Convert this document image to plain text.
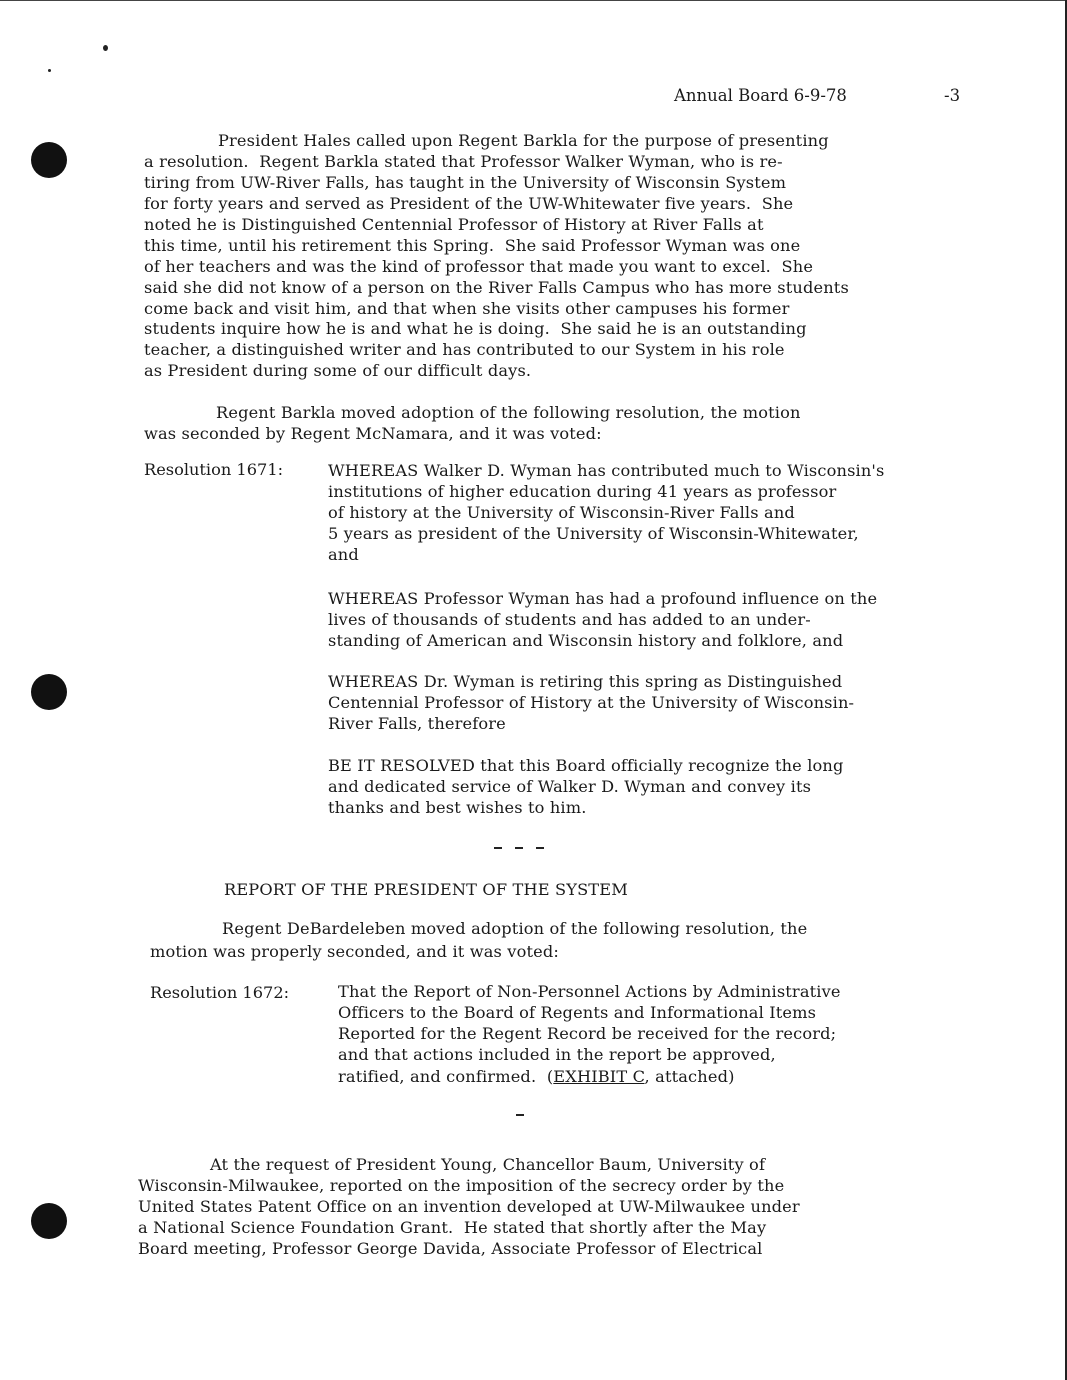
Annual Board 6-9-78	-3
President Hales called upon Regent Barkla for the purpose of presenting
a resolution.  Regent Barkla stated that Professor Walker Wyman, who is re-
tiring from UW-River Falls, has taught in the University of Wisconsin System
for forty years and served as President of the UW-Whitewater five years.  She
noted he is Distinguished Centennial Professor of History at River Falls at
this time, until his retirement this Spring.  She said Professor Wyman was one
of her teachers and was the kind of professor that made you want to excel.  She
said she did not know of a person on the River Falls Campus who has more students
come back and visit him, and that when she visits other campuses his former
students inquire how he is and what he is doing.  She said he is an outstanding
teacher, a distinguished writer and has contributed to our System in his role
as President during some of our difficult days.
Regent Barkla moved adoption of the following resolution, the motion
was seconded by Regent McNamara, and it was voted:
Resolution 1671:	WHEREAS Walker D. Wyman has contributed much to Wisconsin's
institutions of higher education during 41 years as professor
of history at the University of Wisconsin-River Falls and
5 years as president of the University of Wisconsin-Whitewater,
and
WHEREAS Professor Wyman has had a profound influence on the
lives of thousands of students and has added to an under-
standing of American and Wisconsin history and folklore, and
WHEREAS Dr. Wyman is retiring this spring as Distinguished
Centennial Professor of History at the University of Wisconsin-
River Falls, therefore
BE IT RESOLVED that this Board officially recognize the long
and dedicated service of Walker D. Wyman and convey its
thanks and best wishes to him.
REPORT OF THE PRESIDENT OF THE SYSTEM
Regent DeBardeleben moved adoption of the following resolution, the
motion was properly seconded, and it was voted:
Resolution 1672:	That the Report of Non-Personnel Actions by Administrative
Officers to the Board of Regents and Informational Items
Reported for the Regent Record be received for the record;
and that actions included in the report be approved,
ratified, and confirmed.  (EXHIBIT C, attached)
At the request of President Young, Chancellor Baum, University of
Wisconsin-Milwaukee, reported on the imposition of the secrecy order by the
United States Patent Office on an invention developed at UW-Milwaukee under
a National Science Foundation Grant.  He stated that shortly after the May
Board meeting, Professor George Davida, Associate Professor of Electrical
